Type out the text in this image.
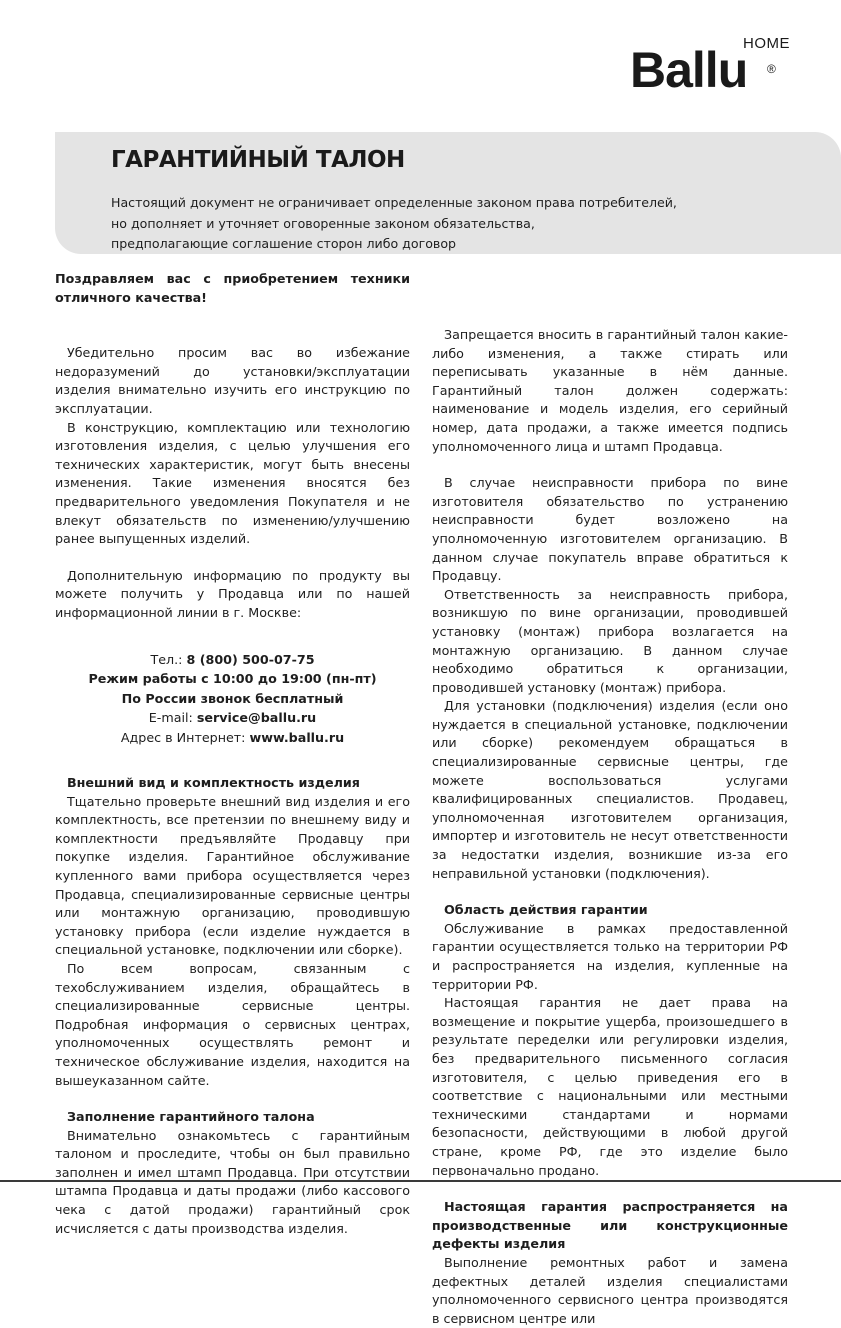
Ballu
HOME
®
ГАРАНТИЙНЫЙ ТАЛОН
Настоящий документ не ограничивает определенные законом права потребителей,
но дополняет и уточняет оговоренные законом обязательства,
предполагающие соглашение сторон либо договор

Поздравляем вас с приобретением техники отличного качества!

Убедительно просим вас во избежание недоразумений до установки/эксплуатации изделия внимательно изучить его инструкцию по эксплуатации.

В конструкцию, комплектацию или технологию изготовления изделия, с целью улучшения его технических характеристик, могут быть внесены изменения. Такие изменения вносятся без предварительного уведомления Покупателя и не влекут обязательств по изменению/улучшению ранее выпущенных изделий.

Дополнительную информацию по продукту вы можете получить у Продавца или по нашей информационной линии в г. Москве:

Тел.: 8 (800) 500-07-75
Режим работы с 10:00 до 19:00 (пн-пт)
По России звонок бесплатный
E-mail: service@ballu.ru
Адрес в Интернет: www.ballu.ru

Внешний вид и комплектность изделия

Тщательно проверьте внешний вид изделия и его комплектность, все претензии по внешнему виду и комплектности предъявляйте Продавцу при покупке изделия. Гарантийное обслуживание купленного вами прибора осуществляется через Продавца, специализированные сервисные центры или монтажную организацию, проводившую установку прибора (если изделие нуждается в специальной установке, подключении или сборке).

По всем вопросам, связанным с техобслуживанием изделия, обращайтесь в специализированные сервисные центры. Подробная информация о сервисных центрах, уполномоченных осуществлять ремонт и техническое обслуживание изделия, находится на вышеуказанном сайте.

Заполнение гарантийного талона

Внимательно ознакомьтесь с гарантийным талоном и проследите, чтобы он был правильно заполнен и имел штамп Продавца. При отсутствии штампа Продавца и даты продажи (либо кассового чека с датой продажи) гарантийный срок исчисляется с даты производства изделия.

Запрещается вносить в гарантийный талон какие-либо изменения, а также стирать или переписывать указанные в нём данные. Гарантийный талон должен содержать: наименование и модель изделия, его серийный номер, дата продажи, а также имеется подпись уполномоченного лица и штамп Продавца.

В случае неисправности прибора по вине изготовителя обязательство по устранению неисправности будет возложено на уполномоченную изготовителем организацию. В данном случае покупатель вправе обратиться к Продавцу.

Ответственность за неисправность прибора, возникшую по вине организации, проводившей установку (монтаж) прибора возлагается на монтажную организацию. В данном случае необходимо обратиться к организации, проводившей установку (монтаж) прибора.

Для установки (подключения) изделия (если оно нуждается в специальной установке, подключении или сборке) рекомендуем обращаться в специализированные сервисные центры, где можете воспользоваться услугами квалифицированных специалистов. Продавец, уполномоченная изготовителем организация, импортер и изготовитель не несут ответственности за недостатки изделия, возникшие из-за его неправильной установки (подключения).

Область действия гарантии

Обслуживание в рамках предоставленной гарантии осуществляется только на территории РФ и распространяется на изделия, купленные на территории РФ.

Настоящая гарантия не дает права на возмещение и покрытие ущерба, произошедшего в результате переделки или регулировки изделия, без предварительного письменного согласия изготовителя, с целью приведения его в соответствие с национальными или местными техническими стандартами и нормами безопасности, действующими в любой другой стране, кроме РФ, где это изделие было первоначально продано.

Настоящая гарантия распространяется на производственные или конструкционные дефекты изделия

Выполнение ремонтных работ и замена дефектных деталей изделия специалистами уполномоченного сервисного центра производятся в сервисном центре или
